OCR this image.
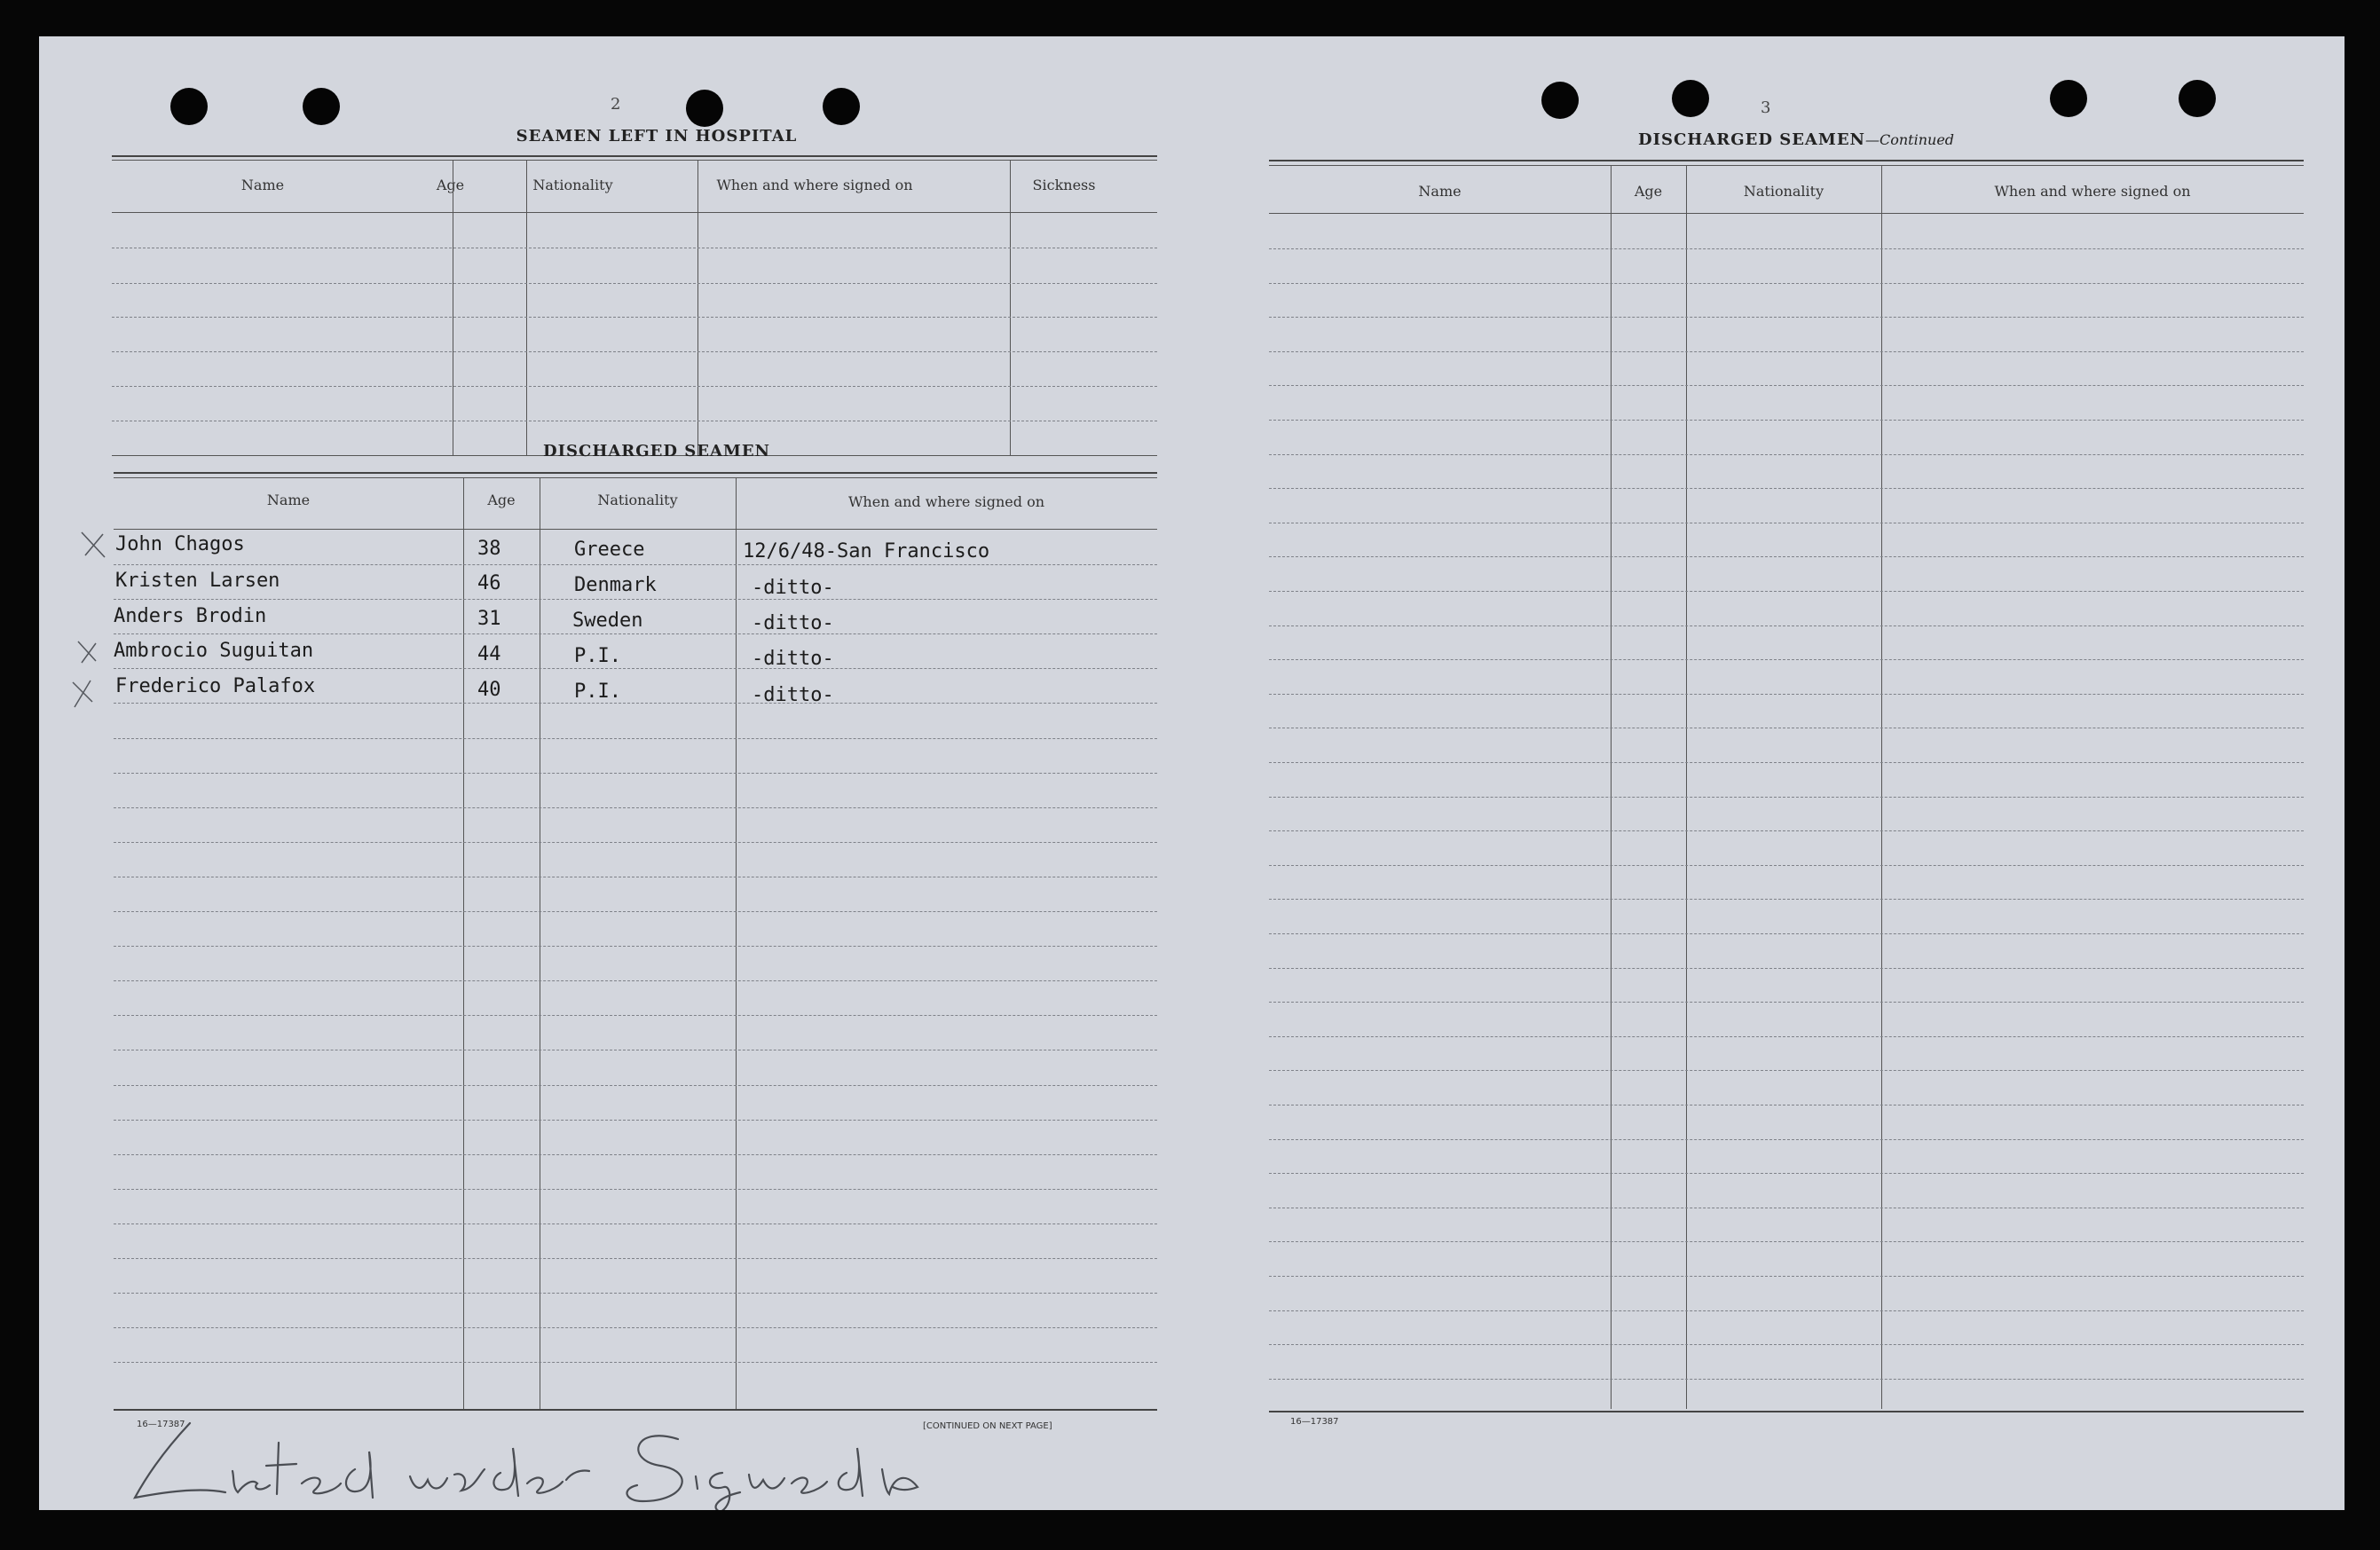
2
SEAMEN LEFT IN HOSPITAL
Name	Age	Nationality	When and where signed on	Sickness
DISCHARGED SEAMEN
Name	Age	Nationality	When and where signed on
John Chagos	38	Greece	12/6/48-San Francisco
Kristen Larsen	46	Denmark	-ditto-
Anders Brodin	31	Sweden	-ditto-
Ambrocio Suguitan	44	P.I.	-ditto-
Frederico Palafox	40	P.I.	-ditto-
16—17387	[CONTINUED ON NEXT PAGE]
3
DISCHARGED SEAMEN—Continued
Name	Age	Nationality	When and where signed on
16—17387
